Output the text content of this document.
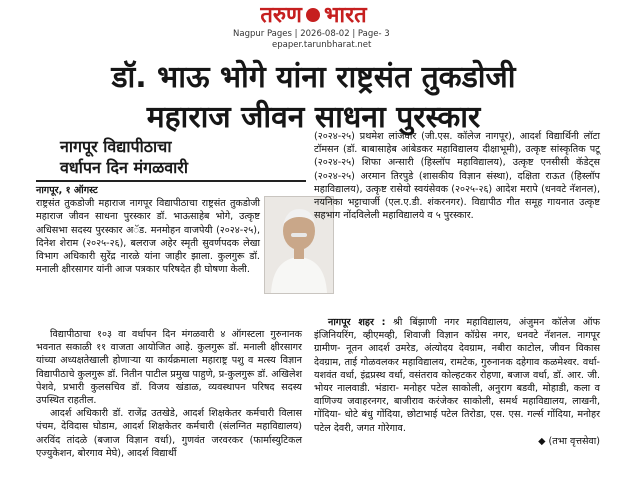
तरुण भारत
Nagpur Pages | 2026-08-02 | Page- 3
epaper.tarunbharat.net
डॉ. भाऊ भोगे यांना राष्ट्रसंत तुकडोजी
महाराज जीवन साधना पुरस्कार
नागपूर विद्यापीठाचा
वर्धापन दिन मंगळवारी

नागपूर, १ ऑगस्ट

राष्ट्रसंत तुकडोजी महाराज नागपूर विद्यापीठाचा राष्ट्रसंत तुकडोजी महाराज जीवन साधना पुरस्कार डॉ. भाऊसाहेब भोगे, उत्कृष्ट अधिसभा सदस्य पुरस्कार अॅड. मनमोहन वाजपेयी (२०२४-२५), दिनेश शेराम (२०२५-२६), बलराज अहेर स्मृती सुवर्णपदक लेखा विभाग अधिकारी सुरेंद्र नारळे यांना जाहीर झाला. कुलगुरू डॉ. मनाली क्षीरसागर यांनी आज पत्रकार परिषदेत ही घोषणा केली.

विद्यापीठाचा १०३ वा वर्धापन दिन मंगळवारी ४ ऑगस्टला गुरुनानक भवनात सकाळी ११ वाजता आयोजित आहे. कुलगुरू डॉ. मनाली क्षीरसागर यांच्या अध्यक्षतेखाली होणाऱ्या या कार्यक्रमाला महाराष्ट्र पशु व मत्स्य विज्ञान विद्यापीठाचे कुलगुरू डॉ. नितीन पाटील प्रमुख पाहुणे, प्र-कुलगुरू डॉ. अखिलेश पेशवे, प्रभारी कुलसचिव डॉ. विजय खंडाळ, व्यवस्थापन परिषद सदस्य उपस्थित राहतील.

आदर्श अधिकारी डॉ. राजेंद्र उतखेडे, आदर्श शिक्षकेतर कर्मचारी विलास पंचम, देविदास घोडाम, आदर्श शिक्षकेतर कर्मचारी (संलग्नित महाविद्यालय) अरविंद तांदळे (बजाज विज्ञान वर्धा), गुणवंत जरवरकर (फार्मास्युटिकल एज्युकेशन, बोरगाव मेघे), आदर्श विद्यार्थी

(२०२४-२५) प्रथमेश लांजेवार (जी.एस. कॉलेज नागपूर), आदर्श विद्यार्थिनी लॉटा टॉमसन (डॉ. बाबासाहेब आंबेडकर महाविद्यालय दीक्षाभूमी), उत्कृष्ट सांस्कृतिक पटू (२०२४-२५) शिफा अन्सारी (हिस्लॉप महाविद्यालय), उत्कृष्ट एनसीसी कॅडेट्स (२०२४-२५) अरमान तिरपुडे (शासकीय विज्ञान संस्था), दक्षिता राऊत (हिस्लॉप महाविद्यालय), उत्कृष्ट रासेयो स्वयंसेवक (२०२५-२६) आदेश मरापे (धनवटे नॅशनल), नयनिका भट्टाचार्जी (एल.ए.डी. शंकरनगर). विद्यापीठ गीत समूह गायनात उत्कृष्ट सहभाग नोंदविलेली महाविद्यालये व ५ पुरस्कार.

नागपूर शहर : श्री बिंझाणी नगर महाविद्यालय, अंजुमन कॉलेज ऑफ इंजिनियरिंग, व्हीएमव्ही, शिवाजी विज्ञान कॉग्रेस नगर, धनवटे नॅशनल. नागपूर ग्रामीण- नूतन आदर्श उमरेड, अंत्योदय देवग्राम, नबीरा काटोल, जीवन विकास देवग्राम, ताई गोळवलकर महाविद्यालय, रामटेक, गुरुनानक दहेगाव कळमेश्वर. वर्धा- यशवंत वर्धा, इंद्रप्रस्थ वर्धा, वसंतराव कोल्हटकर रोहणा, बजाज वर्धा, डॉ. आर. जी. भोयर नालवाडी. भंडारा- मनोहर पटेल साकोली, अनुराग बडवी, मोहाडी, कला व वाणिज्य जवाहरनगर, बाजीराव करंजेकर साकोली, समर्थ महाविद्यालय, लाखनी, गोंदिया- धोटे बंधु गोंदिया, छोटाभाई पटेल तिरोडा, एस. एस. गर्ल्स गोंदिया, मनोहर पटेल देवरी, जगत गोरेगाव.

◆ (तभा वृत्तसेवा)
